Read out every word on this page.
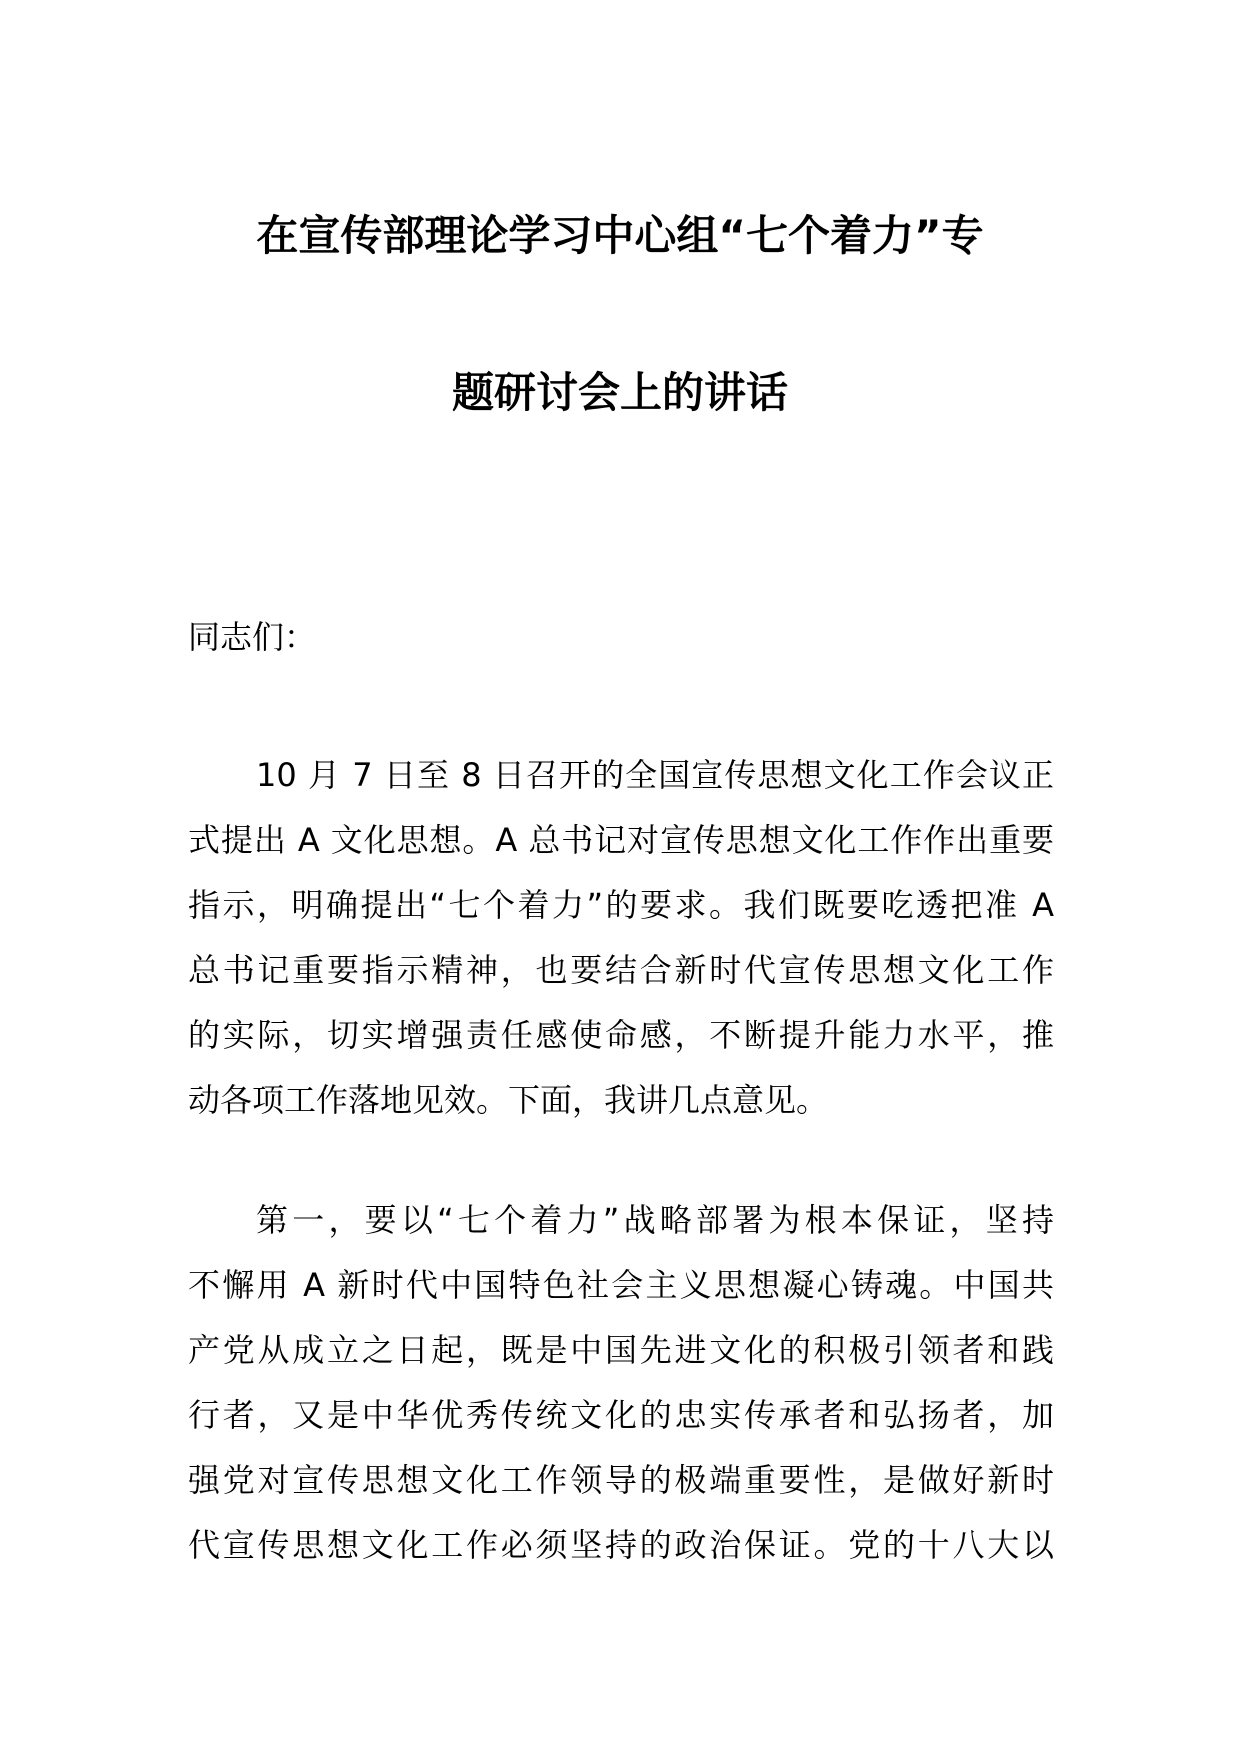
在宣传部理论学习中心组“七个着力”专
题研讨会上的讲话
同志们：
10 月 7 日至 8 日召开的全国宣传思想文化工作会议正
式提出 A 文化思想。A 总书记对宣传思想文化工作作出重要
指示，明确提出“七个着力”的要求。我们既要吃透把准 A
总书记重要指示精神，也要结合新时代宣传思想文化工作
的实际，切实增强责任感使命感，不断提升能力水平，推
动各项工作落地见效。下面，我讲几点意见。
第一，要以“七个着力”战略部署为根本保证，坚持
不懈用 A 新时代中国特色社会主义思想凝心铸魂。中国共
产党从成立之日起，既是中国先进文化的积极引领者和践
行者，又是中华优秀传统文化的忠实传承者和弘扬者，加
强党对宣传思想文化工作领导的极端重要性，是做好新时
代宣传思想文化工作必须坚持的政治保证。党的十八大以
